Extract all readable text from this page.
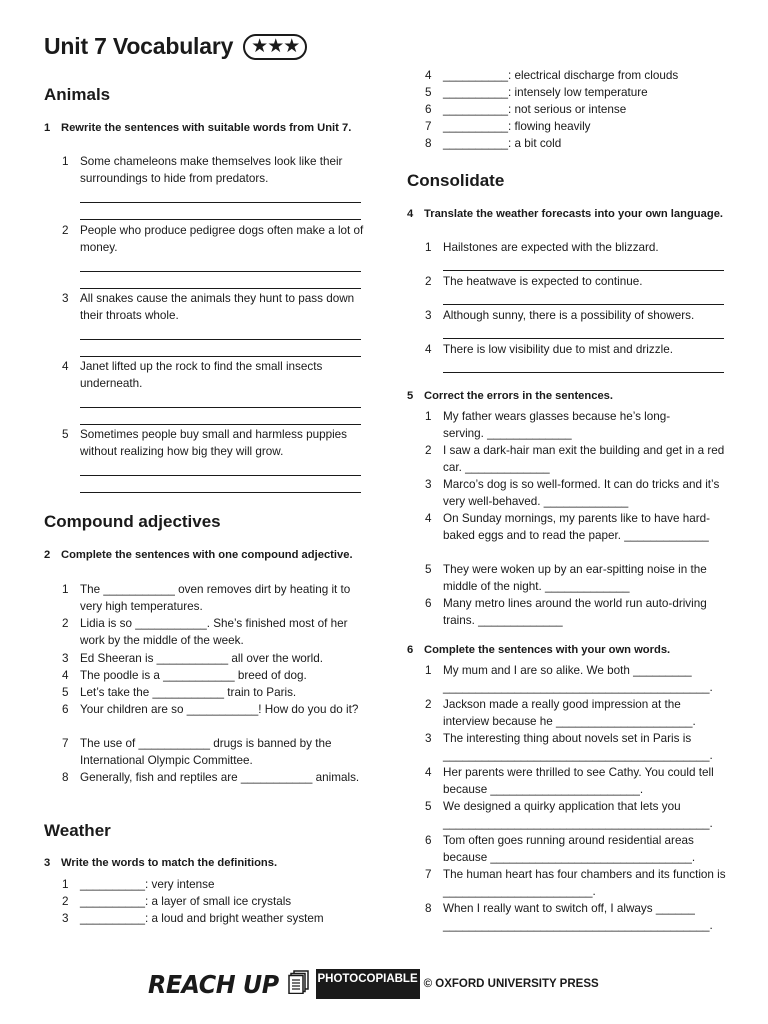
Unit 7 Vocabulary ★★★
Animals
1 Rewrite the sentences with suitable words from Unit 7.
1 Some chameleons make themselves look like their surroundings to hide from predators.
2 People who produce pedigree dogs often make a lot of money.
3 All snakes cause the animals they hunt to pass down their throats whole.
4 Janet lifted up the rock to find the small insects underneath.
5 Sometimes people buy small and harmless puppies without realizing how big they will grow.
Compound adjectives
2 Complete the sentences with one compound adjective.
1 The ___________ oven removes dirt by heating it to very high temperatures.
2 Lidia is so ___________. She’s finished most of her work by the middle of the week.
3 Ed Sheeran is ___________ all over the world.
4 The poodle is a ___________ breed of dog.
5 Let’s take the ___________ train to Paris.
6 Your children are so ___________! How do you do it?
7 The use of ___________ drugs is banned by the International Olympic Committee.
8 Generally, fish and reptiles are ___________ animals.
Weather
3 Write the words to match the definitions.
1 __________: very intense
2 __________: a layer of small ice crystals
3 __________: a loud and bright weather system
4 __________: electrical discharge from clouds
5 __________: intensely low temperature
6 __________: not serious or intense
7 __________: flowing heavily
8 __________: a bit cold
Consolidate
4 Translate the weather forecasts into your own language.
1 Hailstones are expected with the blizzard.
2 The heatwave is expected to continue.
3 Although sunny, there is a possibility of showers.
4 There is low visibility due to mist and drizzle.
5 Correct the errors in the sentences.
1 My father wears glasses because he’s long-serving. _____________
2 I saw a dark-hair man exit the building and get in a red car. _____________
3 Marco’s dog is so well-formed. It can do tricks and it’s very well-behaved. _____________
4 On Sunday mornings, my parents like to have hard-baked eggs and to read the paper. _____________
5 They were woken up by an ear-spitting noise in the middle of the night. _____________
6 Many metro lines around the world run auto-driving trains. _____________
6 Complete the sentences with your own words.
1 My mum and I are so alike. We both _________ _________________________________________.
2 Jackson made a really good impression at the interview because he _____________________.
3 The interesting thing about novels set in Paris is _________________________________________.
4 Her parents were thrilled to see Cathy. You could tell because _______________________.
5 We designed a quirky application that lets you _________________________________________.
6 Tom often goes running around residential areas because _______________________________.
7 The human heart has four chambers and its function is _______________________.
8 When I really want to switch off, I always ______ _________________________________________.
REACH UP	PHOTOCOPIABLE © OXFORD UNIVERSITY PRESS
